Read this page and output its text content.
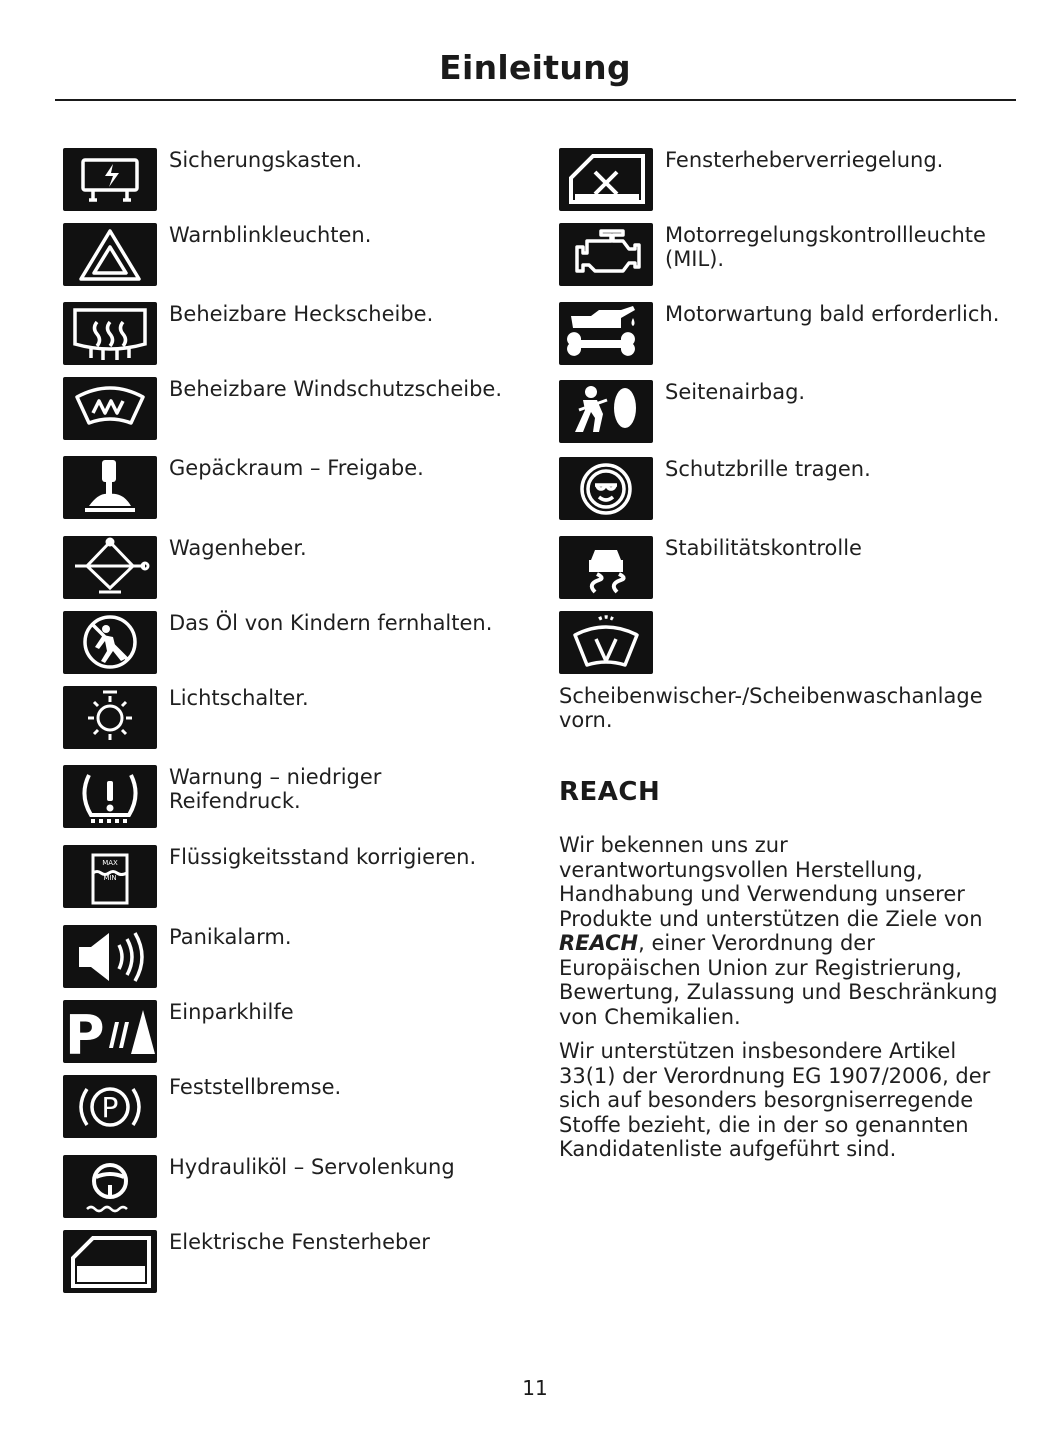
Einleitung
Sicherungskasten.
Warnblinkleuchten.
Beheizbare Heckscheibe.
Beheizbare Windschutzscheibe.
Gepäckraum – Freigabe.
Wagenheber.
Das Öl von Kindern fernhalten.
Lichtschalter.
Warnung – niedriger Reifendruck.
MAX
MIN
Flüssigkeitsstand korrigieren.
Panikalarm.
P	Einparkhilfe
P
Feststellbremse.
Hydrauliköl – Servolenkung
Elektrische Fensterheber
Fensterheberverriegelung.
Motorregelungskontrollleuchte (MIL).
Motorwartung bald erforderlich.
Seitenairbag.
Schutzbrille tragen.
Stabilitätskontrolle
Scheibenwischer-/Scheibenwaschanlage vorn.
REACH
Wir bekennen uns zur verantwortungsvollen Herstellung, Handhabung und Verwendung unserer Produkte und unterstützen die Ziele von REACH, einer Verordnung der Europäischen Union zur Registrierung, Bewertung, Zulassung und Beschränkung von Chemikalien.
Wir unterstützen insbesondere Artikel 33(1) der Verordnung EG 1907/2006, der sich auf besonders besorgniserregende Stoffe bezieht, die in der so genannten Kandidatenliste aufgeführt sind.
11
